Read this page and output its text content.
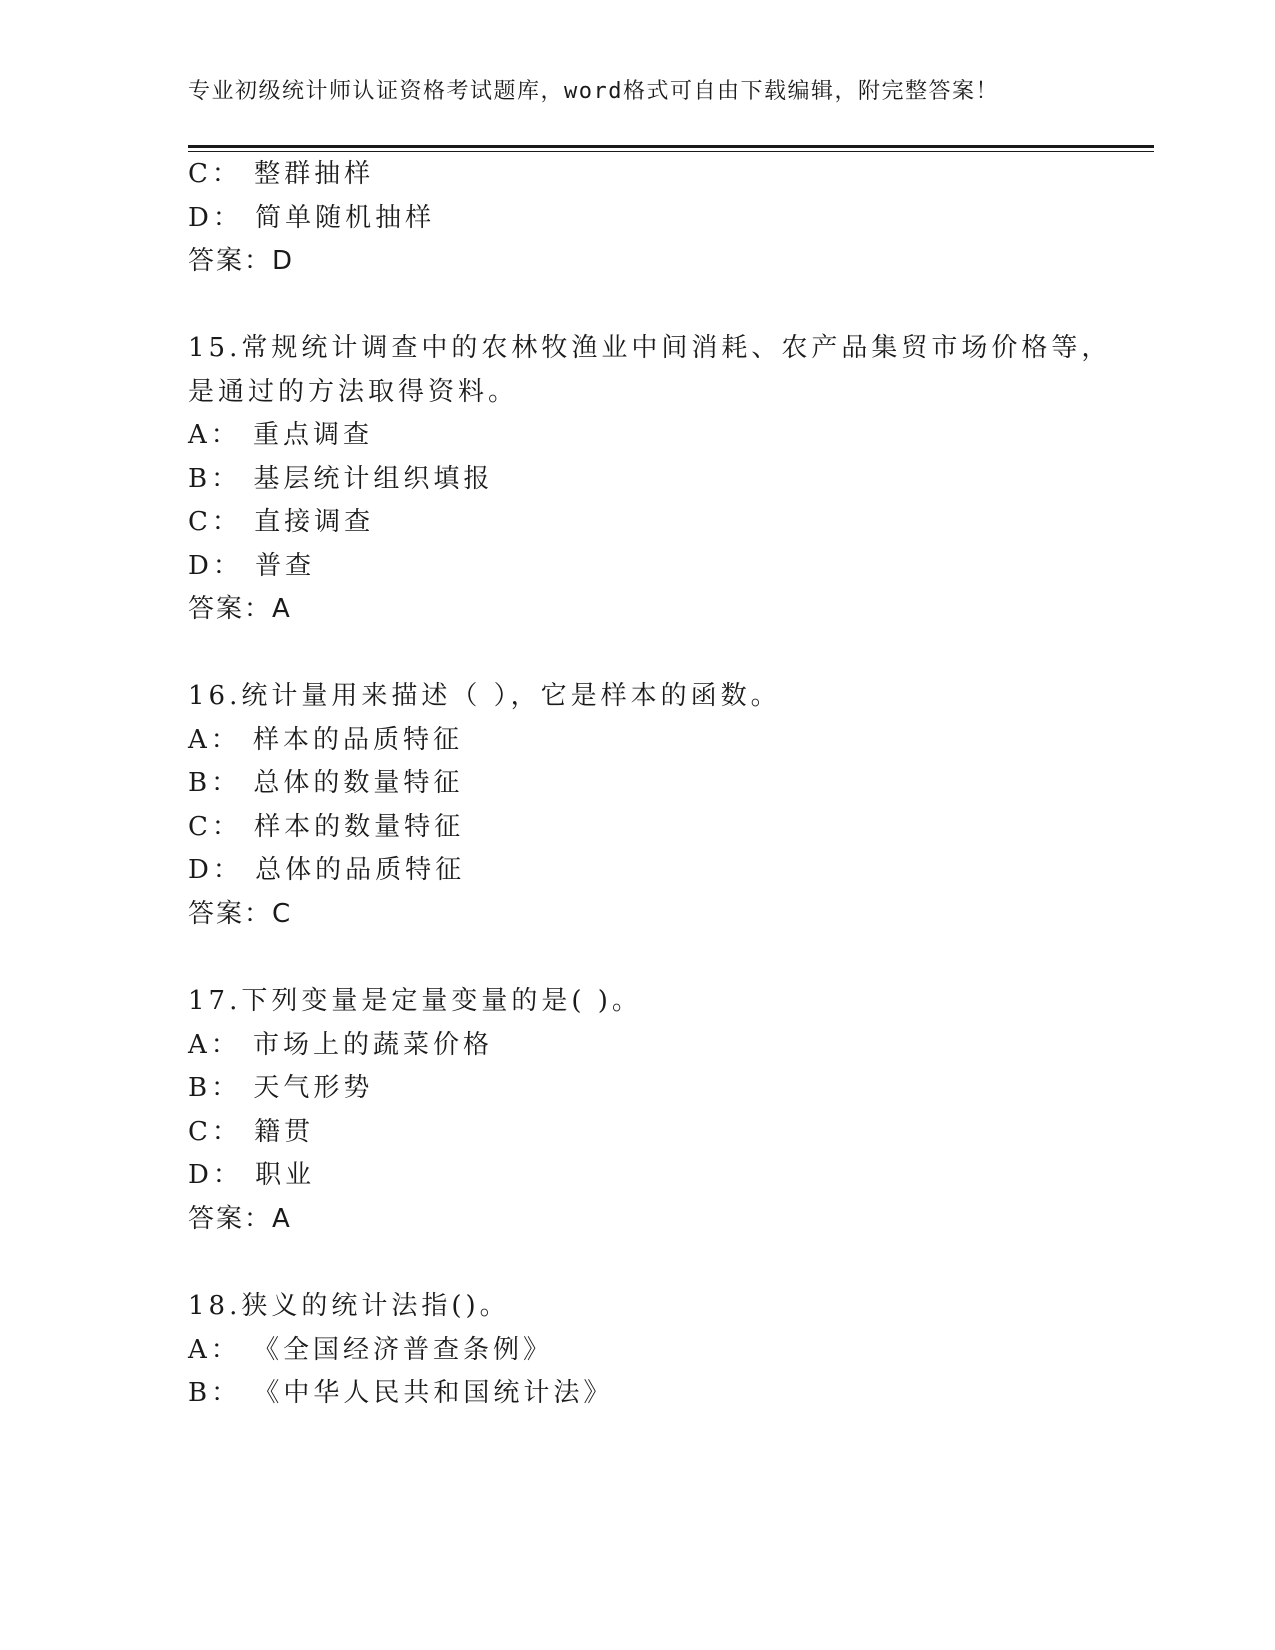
专业初级统计师认证资格考试题库，word格式可自由下载编辑，附完整答案！
C： 整群抽样
D： 简单随机抽样
答案：D
15.常规统计调查中的农林牧渔业中间消耗、农产品集贸市场价格等，
是通过的方法取得资料。
A： 重点调查
B： 基层统计组织填报
C： 直接调查
D： 普查
答案：A
16.统计量用来描述（ ），它是样本的函数。
A： 样本的品质特征
B： 总体的数量特征
C： 样本的数量特征
D： 总体的品质特征
答案：C
17.下列变量是定量变量的是( )。
A： 市场上的蔬菜价格
B： 天气形势
C： 籍贯
D： 职业
答案：A
18.狭义的统计法指()。
A： 《全国经济普查条例》
B： 《中华人民共和国统计法》
